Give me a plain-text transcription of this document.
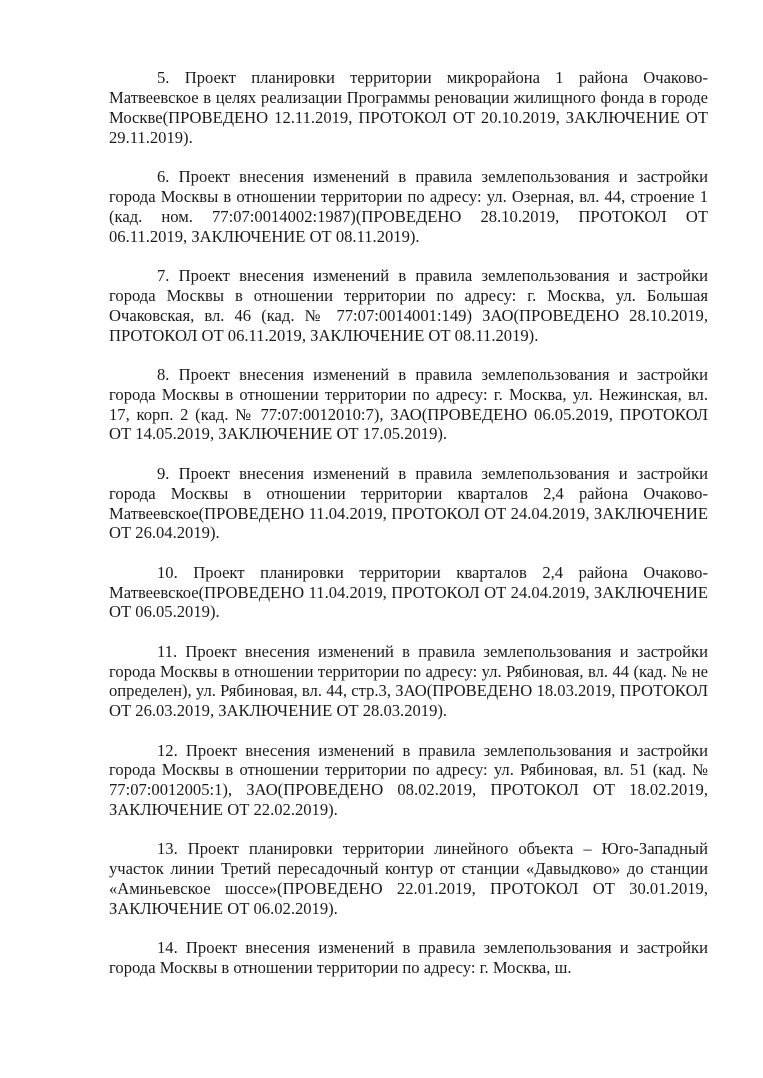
5. Проект планировки территории микрорайона 1 района Очаково-Матвеевское в целях реализации Программы реновации жилищного фонда в городе Москве(ПРОВЕДЕНО 12.11.2019, ПРОТОКОЛ ОТ 20.10.2019, ЗАКЛЮЧЕНИЕ ОТ 29.11.2019).

6. Проект внесения изменений в правила землепользования и застройки города Москвы в отношении территории по адресу: ул. Озерная, вл. 44, строение 1 (кад. ном. 77:07:0014002:1987)(ПРОВЕДЕНО 28.10.2019, ПРОТОКОЛ ОТ 06.11.2019, ЗАКЛЮЧЕНИЕ ОТ 08.11.2019).

7. Проект внесения изменений в правила землепользования и застройки города Москвы в отношении территории по адресу: г. Москва, ул. Большая Очаковская, вл. 46 (кад. № 77:07:0014001:149) ЗАО(ПРОВЕДЕНО 28.10.2019, ПРОТОКОЛ ОТ 06.11.2019, ЗАКЛЮЧЕНИЕ ОТ 08.11.2019).

8. Проект внесения изменений в правила землепользования и застройки города Москвы в отношении территории по адресу: г. Москва, ул. Нежинская, вл. 17, корп. 2 (кад. № 77:07:0012010:7), ЗАО(ПРОВЕДЕНО 06.05.2019, ПРОТОКОЛ ОТ 14.05.2019, ЗАКЛЮЧЕНИЕ ОТ 17.05.2019).

9. Проект внесения изменений в правила землепользования и застройки города Москвы в отношении территории кварталов 2,4 района Очаково-Матвеевское(ПРОВЕДЕНО 11.04.2019, ПРОТОКОЛ ОТ 24.04.2019, ЗАКЛЮЧЕНИЕ ОТ 26.04.2019).

10. Проект планировки территории кварталов 2,4 района Очаково-Матвеевское(ПРОВЕДЕНО 11.04.2019, ПРОТОКОЛ ОТ 24.04.2019, ЗАКЛЮЧЕНИЕ ОТ 06.05.2019).

11. Проект внесения изменений в правила землепользования и застройки города Москвы в отношении территории по адресу: ул. Рябиновая, вл. 44 (кад. № не определен), ул. Рябиновая, вл. 44, стр.3, ЗАО(ПРОВЕДЕНО 18.03.2019, ПРОТОКОЛ ОТ 26.03.2019, ЗАКЛЮЧЕНИЕ ОТ 28.03.2019).

12. Проект внесения изменений в правила землепользования и застройки города Москвы в отношении территории по адресу: ул. Рябиновая, вл. 51 (кад. № 77:07:0012005:1), ЗАО(ПРОВЕДЕНО 08.02.2019, ПРОТОКОЛ ОТ 18.02.2019, ЗАКЛЮЧЕНИЕ ОТ 22.02.2019).

13. Проект планировки территории линейного объекта – Юго-Западный участок линии Третий пересадочный контур от станции «Давыдково» до станции «Аминьевское шоссе»(ПРОВЕДЕНО 22.01.2019, ПРОТОКОЛ ОТ 30.01.2019, ЗАКЛЮЧЕНИЕ ОТ 06.02.2019).

14. Проект внесения изменений в правила землепользования и застройки города Москвы в отношении территории по адресу: г. Москва, ш.
